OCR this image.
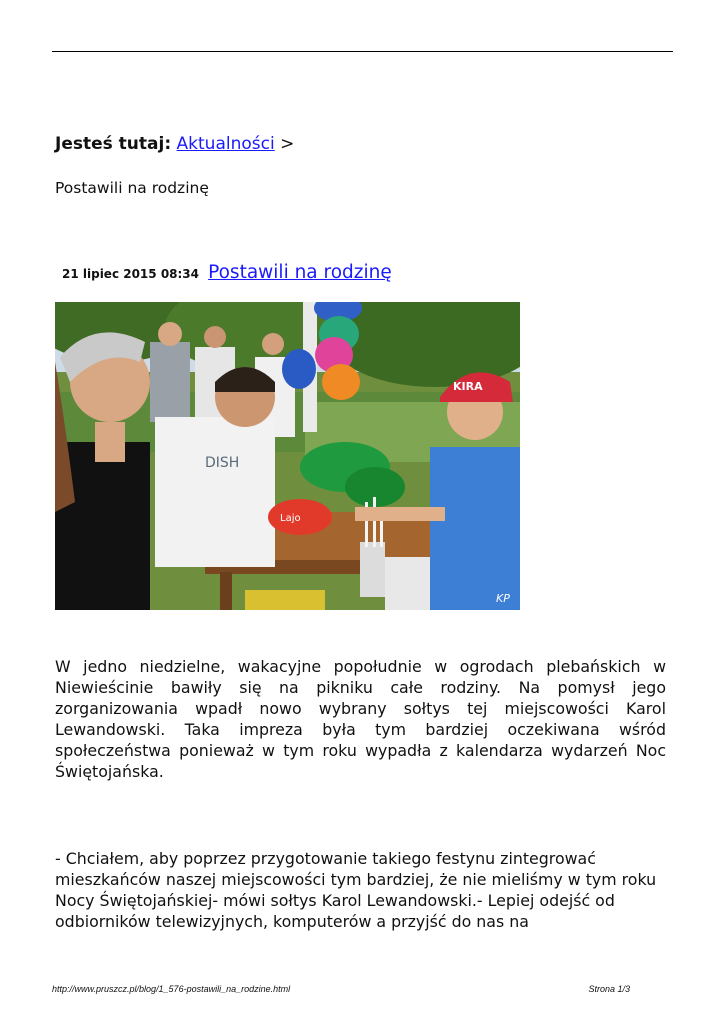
Jesteś tutaj: Aktualności >
Postawili na rodzinę
21 lipiec 2015 08:34 Postawili na rodzinę
DISH
Lajo
KIRA
KP

W jedno niedzielne, wakacyjne popołudnie w ogrodach plebańskich w Niewieścinie bawiły się na pikniku całe rodziny. Na pomysł jego zorganizowania wpadł nowo wybrany sołtys tej miejscowości Karol Lewandowski. Taka impreza była tym bardziej oczekiwana wśród społeczeństwa ponieważ w tym roku wypadła z kalendarza wydarzeń Noc Świętojańska.

- Chciałem, aby poprzez przygotowanie takiego festynu zintegrować mieszkańców naszej miejscowości tym bardziej, że nie mieliśmy w tym roku Nocy Świętojańskiej- mówi sołtys Karol Lewandowski.- Lepiej odejść od odbiorników telewizyjnych, komputerów a przyjść do nas na

http://www.pruszcz.pl/blog/1_576-postawili_na_rodzine.html	Strona 1/3
